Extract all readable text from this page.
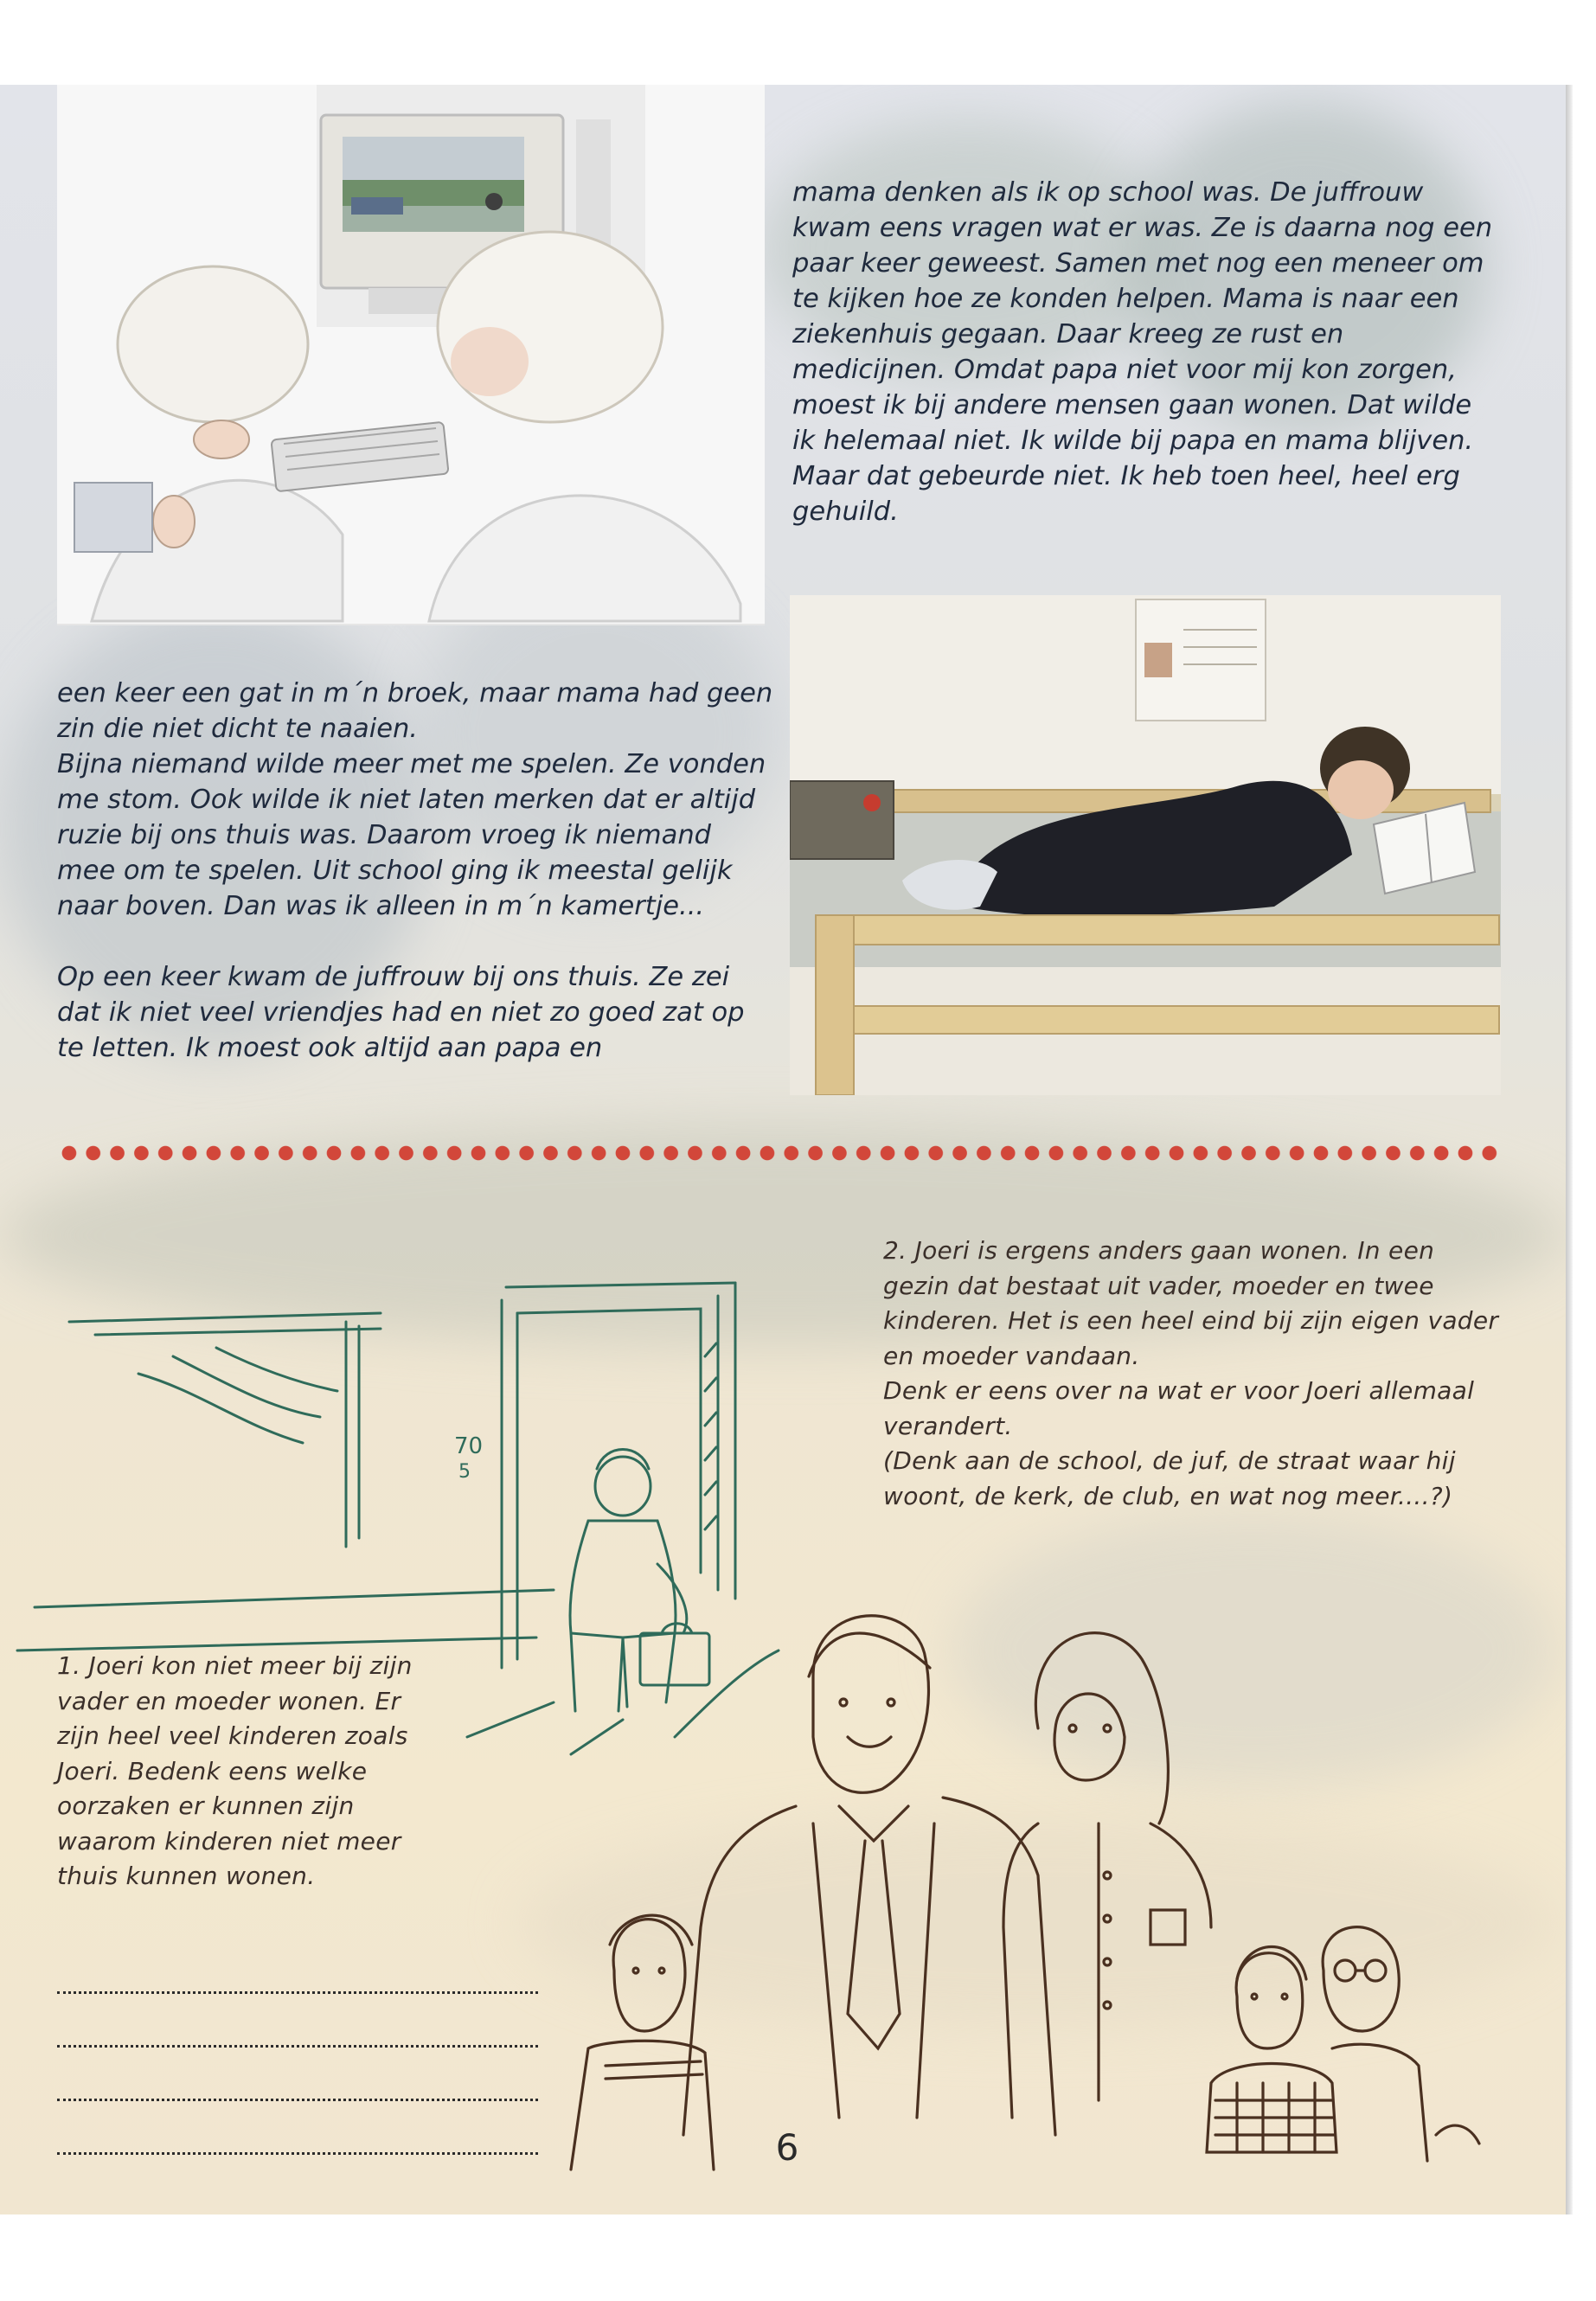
mama denken als ik op school was. De juffrouw kwam eens vragen wat er was. Ze is daarna nog een paar keer geweest. Samen met nog een meneer om te kijken hoe ze konden helpen. Mama is naar een ziekenhuis gegaan. Daar kreeg ze rust en medicijnen. Omdat papa niet voor mij kon zorgen, moest ik bij andere mensen gaan wonen. Dat wilde ik helemaal niet. Ik wilde bij papa en mama blijven. Maar dat gebeurde niet. Ik heb toen heel, heel erg gehuild.

een keer een gat in m´n broek, maar mama had geen zin die niet dicht te naaien.

Bijna niemand wilde meer met me spelen. Ze vonden me stom. Ook wilde ik niet laten merken dat er altijd ruzie bij ons thuis was. Daarom vroeg ik niemand mee om te spelen. Uit school ging ik meestal gelijk naar boven. Dan was ik alleen in m´n kamertje...

Op een keer kwam de juffrouw bij ons thuis. Ze zei dat ik niet veel vriendjes had en niet zo goed zat op te letten. Ik moest ook altijd aan papa en

70
5

2. Joeri is ergens anders gaan wonen. In een gezin dat bestaat uit vader, moeder en twee kinderen. Het is een heel eind bij zijn eigen vader en moeder vandaan.

Denk er eens over na wat er voor Joeri allemaal verandert.

(Denk aan de school, de juf, de straat waar hij woont, de kerk, de club, en wat nog meer....?)

1. Joeri kon niet meer bij zijn vader en moeder wonen. Er zijn heel veel kinderen zoals Joeri. Bedenk eens welke oorzaken er kunnen zijn waarom kinderen niet meer thuis kunnen wonen.

6
